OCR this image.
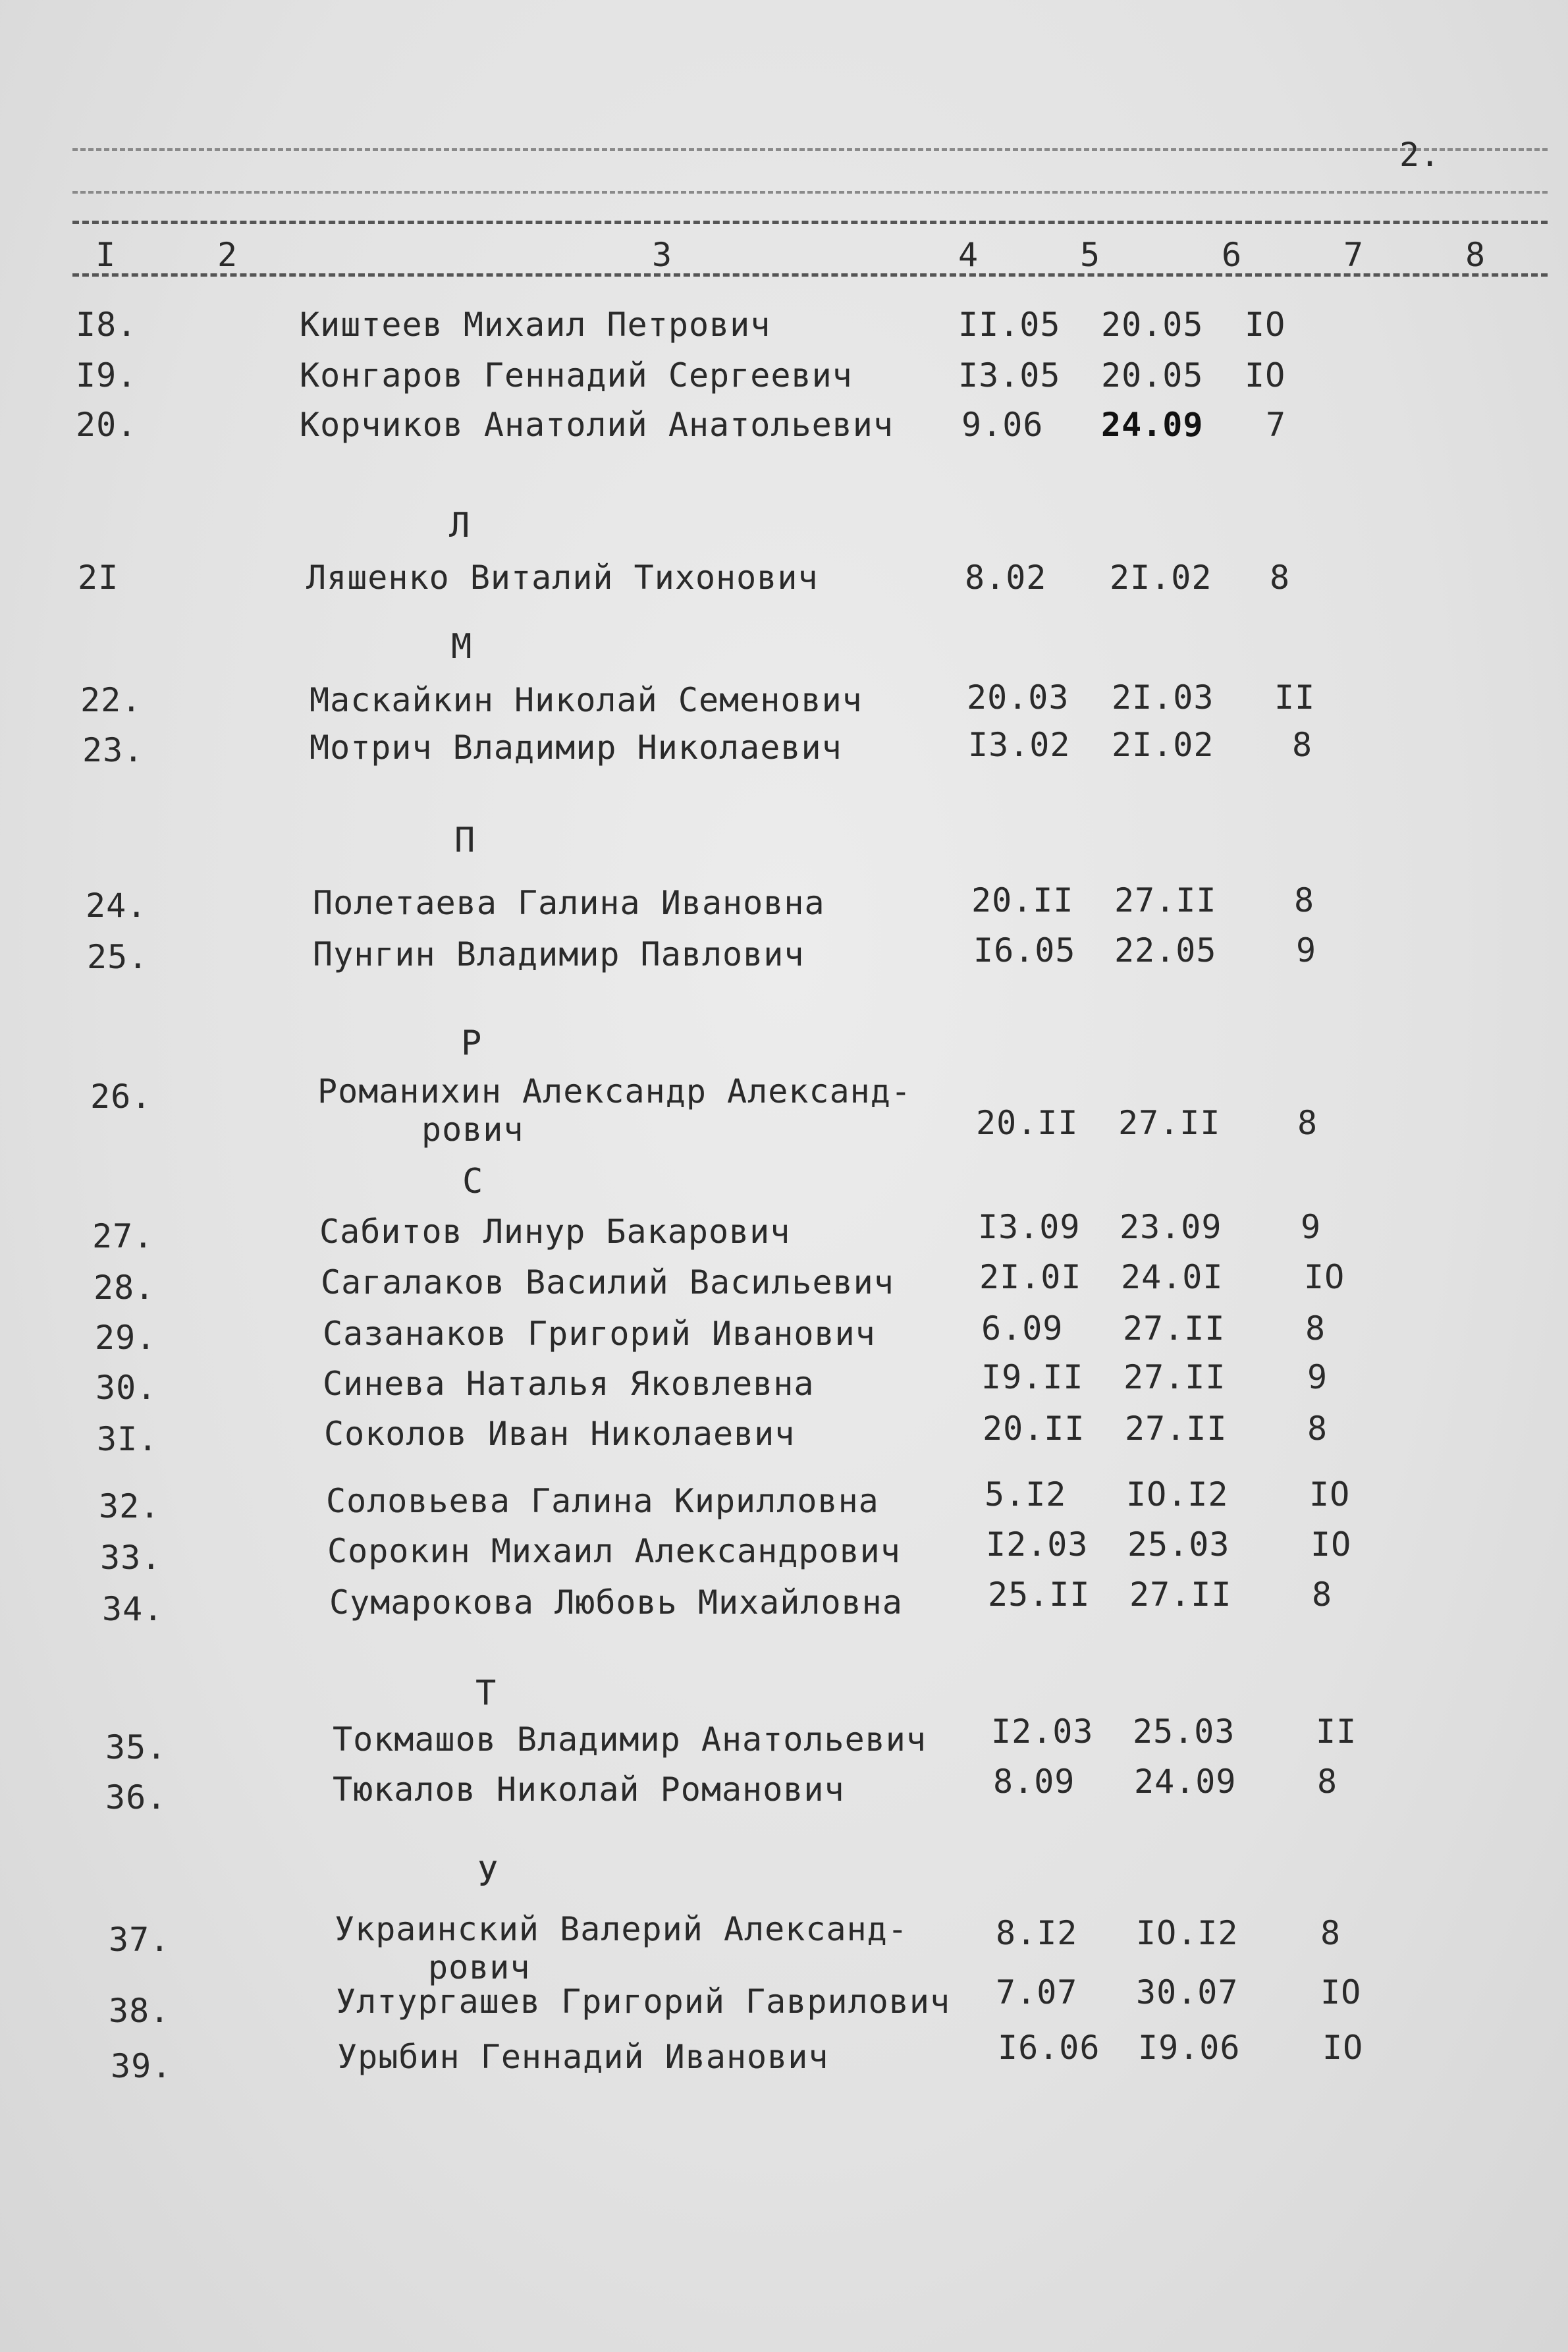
2.
I	2	3	4	5	6	7	8
I8.	Киштеев Михаил Петрович	II.05 20.05 IO
I9.	Конгаров Геннадий Сергеевич	I3.05 20.05 IO
20.	Корчиков Анатолий Анатольевич 9.06 24.09 7
Л
2I	Ляшенко Виталий Тихонович	8.02 2I.02 8
М
22.	Маскайкин Николай Семенович	20.03 2I.03 II
23.	Мотрич Владимир Николаевич	I3.02 2I.02 8
П
24.	Полетаева Галина Ивановна	20.II 27.II 8
25.	Пунгин Владимир Павлович	I6.05 22.05 9
Р
26.	Романихин Александр Александ-
рович	20.II 27.II 8
С
27.	Сабитов Линур Бакарович	I3.09 23.09 9
28.	Сагалаков Василий Васильевич	2I.0I 24.0I IO
29.	Сазанаков Григорий Иванович	6.09 27.II 8
30.	Синева Наталья Яковлевна	I9.II 27.II 9
3I.	Соколов Иван Николаевич	20.II 27.II 8
32.	Соловьева Галина Кирилловна	5.I2 IO.I2 IO
33.	Сорокин Михаил Александрович	I2.03 25.03 IO
34.	Сумарокова Любовь Михайловна	25.II 27.II 8
Т
35.	Токмашов Владимир Анатольевич I2.03 25.03 II
36.	Тюкалов Николай Романович	8.09 24.09 8
У
37.	Украинский Валерий Александ-
рович
8.I2 IO.I2 8
38.	Ултургашев Григорий Гаврилович 7.07 30.07 IO
39.	Урыбин Геннадий Иванович	I6.06 I9.06 IO
